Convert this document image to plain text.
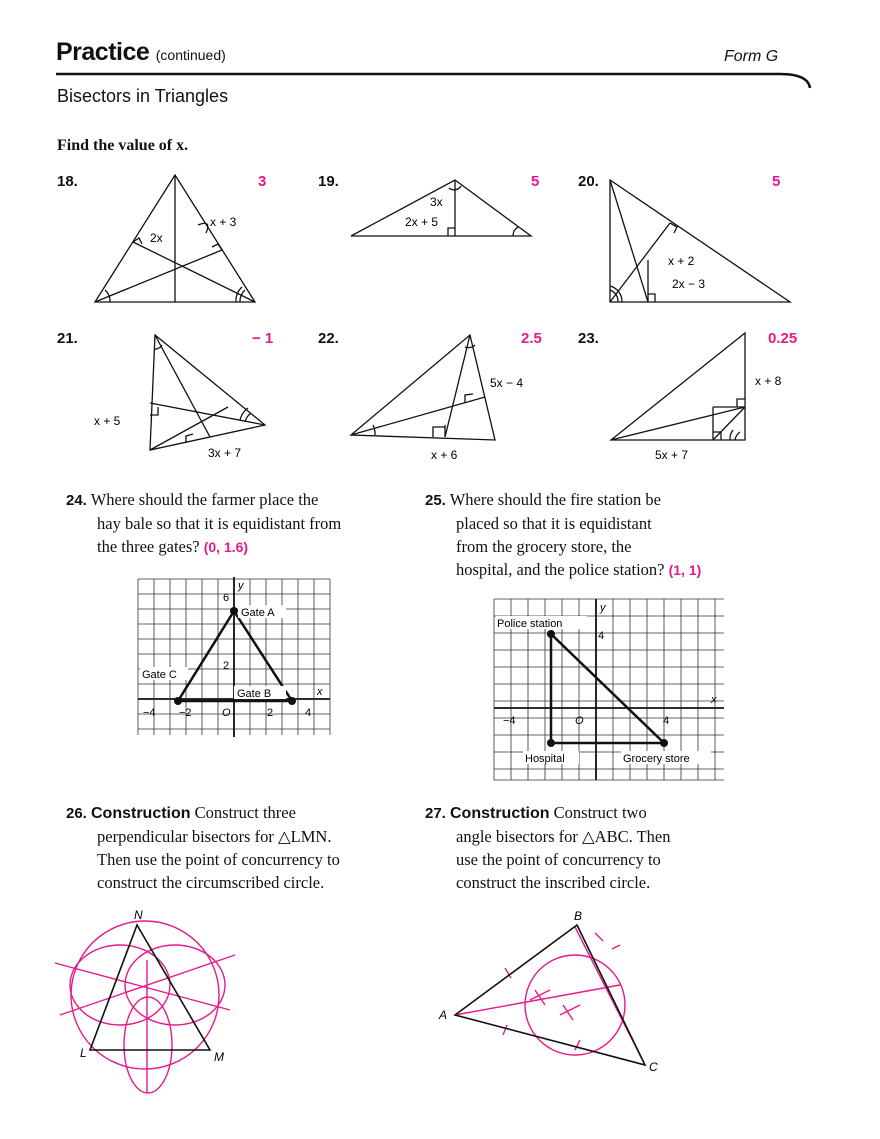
Practice (continued)	Form G
Bisectors in Triangles
Find the value of x.
18.	3	19.	5	20.	5
21.	− 1	22.	2.5 23.	0.25
2x
x + 3
3x
2x + 5
x + 2
2x − 3
x + 5
3x + 7
5x − 4
x + 6
x + 8
5x + 7
24. Where should the farmer place the
hay bale so that it is equidistant from
the three gates? (0, 1.6)
Gate A
Gate B
Gate C
y
x
6
2
O
−4 −2	2	4
25. Where should the fire station be
placed so that it is equidistant
from the grocery store, the
hospital, and the police station? (1, 1)
Police station
Hospital	Grocery store
y
x
4
O
−4	4
26. Construction Construct three
perpendicular bisectors for △LMN.
Then use the point of concurrency to
construct the circumscribed circle.
N
L	M
27. Construction Construct two
angle bisectors for △ABC. Then
use the point of concurrency to
construct the inscribed circle.
B
A
C
